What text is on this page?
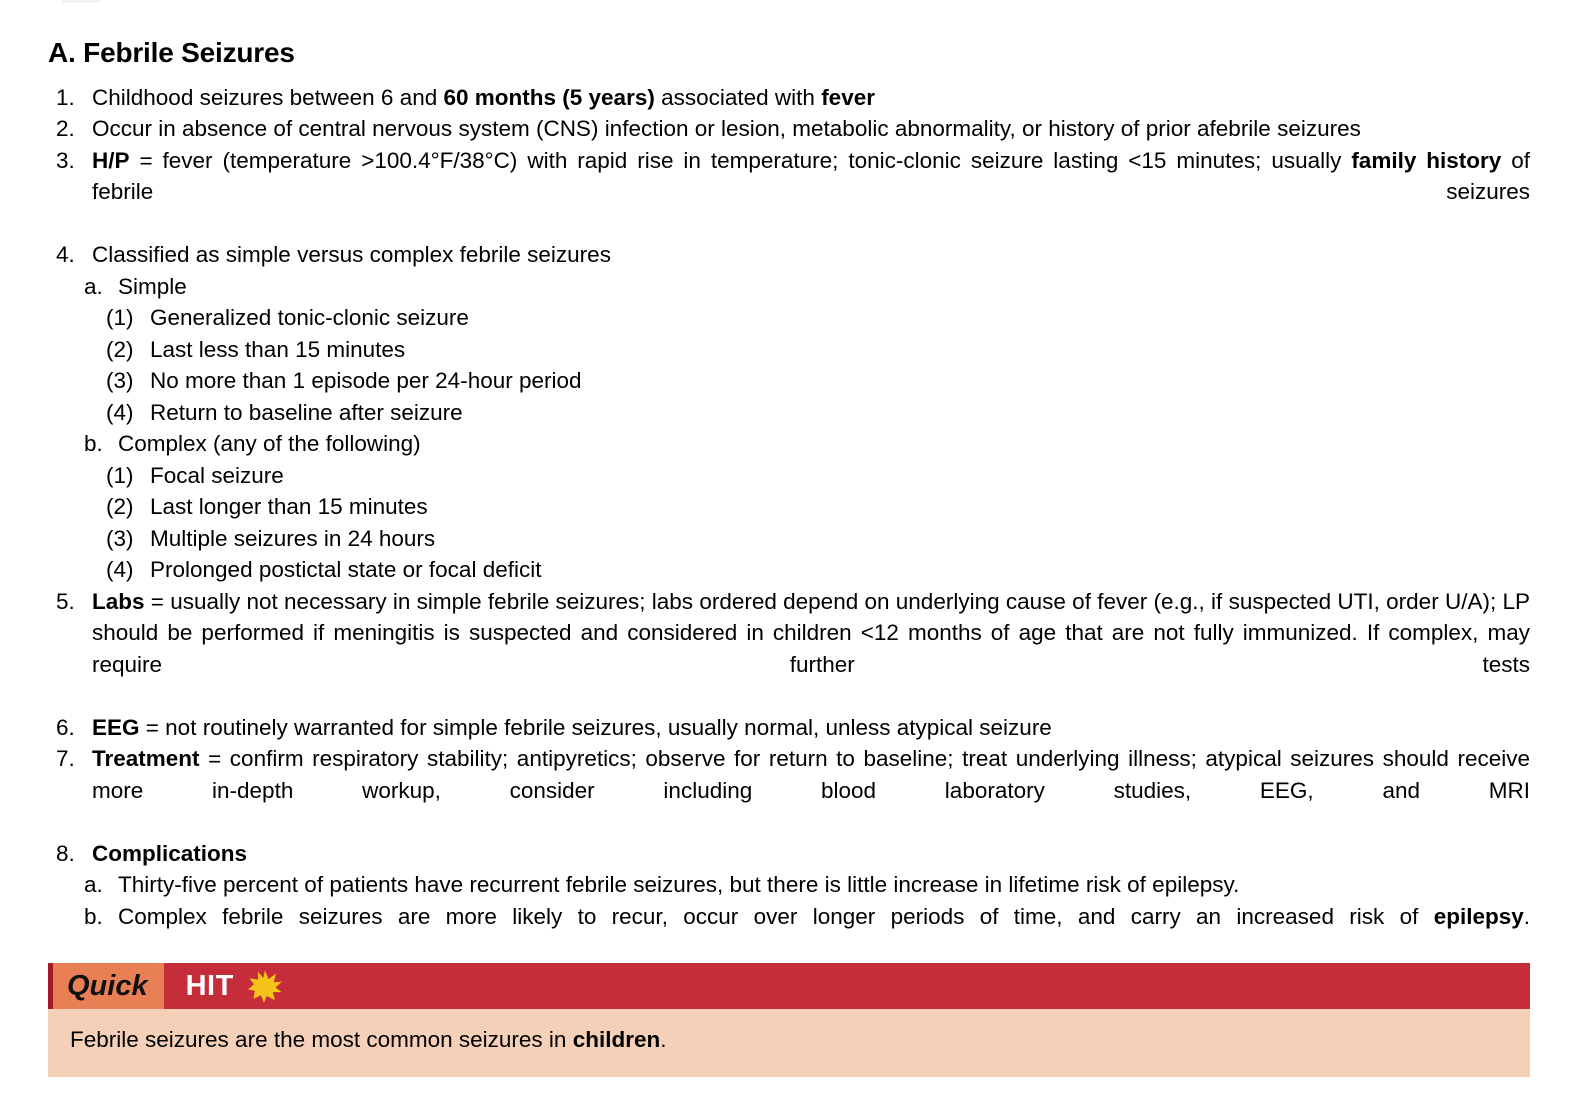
A. Febrile Seizures
1. Childhood seizures between 6 and 60 months (5 years) associated with fever
2. Occur in absence of central nervous system (CNS) infection or lesion, metabolic abnormality, or history of prior afebrile seizures
3. H/P = fever (temperature >100.4°F/38°C) with rapid rise in temperature; tonic-clonic seizure lasting <15 minutes; usually family history of febrile seizures
4. Classified as simple versus complex febrile seizures
a. Simple
(1) Generalized tonic-clonic seizure
(2) Last less than 15 minutes
(3) No more than 1 episode per 24-hour period
(4) Return to baseline after seizure
b. Complex (any of the following)
(1) Focal seizure
(2) Last longer than 15 minutes
(3) Multiple seizures in 24 hours
(4) Prolonged postictal state or focal deficit
5. Labs = usually not necessary in simple febrile seizures; labs ordered depend on underlying cause of fever (e.g., if suspected UTI, order U/A); LP should be performed if meningitis is suspected and considered in children <12 months of age that are not fully immunized. If complex, may require further tests
6. EEG = not routinely warranted for simple febrile seizures, usually normal, unless atypical seizure
7. Treatment = confirm respiratory stability; antipyretics; observe for return to baseline; treat underlying illness; atypical seizures should receive more in-depth workup, consider including blood laboratory studies, EEG, and MRI
8. Complications
a. Thirty-five percent of patients have recurrent febrile seizures, but there is little increase in lifetime risk of epilepsy.
b. Complex febrile seizures are more likely to recur, occur over longer periods of time, and carry an increased risk of epilepsy.
Quick	HIT
Febrile seizures are the most common seizures in children.
